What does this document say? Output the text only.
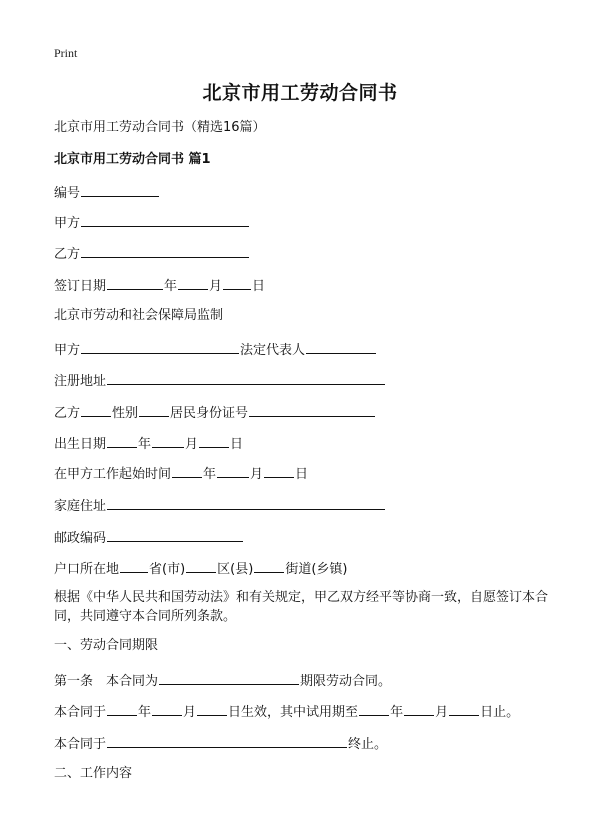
Print
北京市用工劳动合同书
北京市用工劳动合同书（精选16篇）
北京市用工劳动合同书 篇1
编号
甲方
乙方
签订日期	年 月 日
北京市劳动和社会保障局监制
甲方	法定代表人
注册地址
乙方 性别 居民身份证号
出生日期 年	月 日
在甲方工作起始时间 年	月 日
家庭住址
邮政编码
户口所在地 省(市) 区(县) 街道(乡镇)
根据《中华人民共和国劳动法》和有关规定，甲乙双方经平等协商一致，自愿签订本合同，共同遵守本合同所列条款。
一、劳动合同期限
第一条　本合同为	期限劳动合同。
本合同于 年 月 日生效，其中试用期至 年 月 日止。
本合同于	终止。
二、工作内容
